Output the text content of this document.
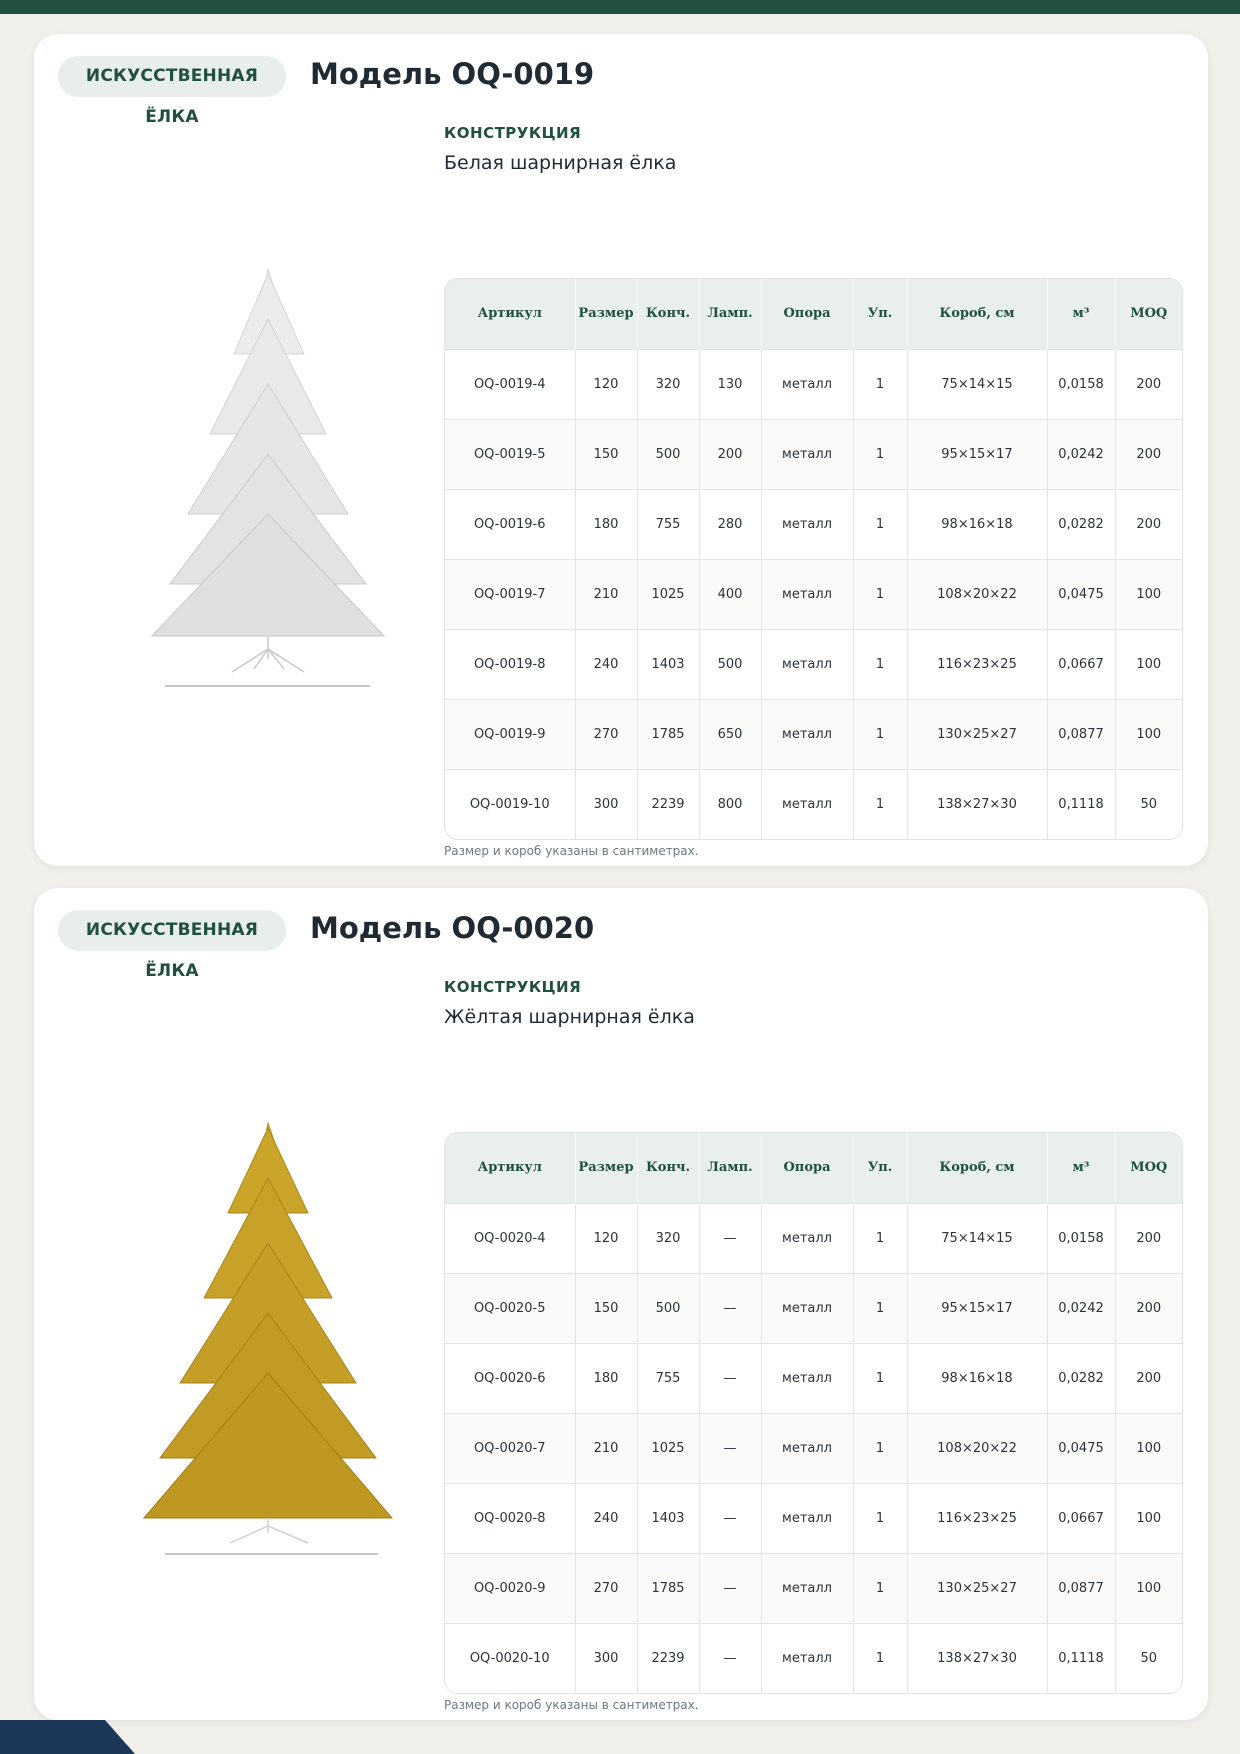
ИСКУССТВЕННАЯ ЁЛКА
Модель OQ-0019
КОНСТРУКЦИЯ
Белая шарнирная ёлка
Артикул	Размер	Конч.	Ламп.	Опора	Уп.	Короб, см	м³	MOQ
OQ-0019-4	120	320	130	металл	1	75×14×15	0,0158	200
OQ-0019-5	150	500	200	металл	1	95×15×17	0,0242	200
OQ-0019-6	180	755	280	металл	1	98×16×18	0,0282	200
OQ-0019-7	210	1025	400	металл	1	108×20×22	0,0475	100
OQ-0019-8	240	1403	500	металл	1	116×23×25	0,0667	100
OQ-0019-9	270	1785	650	металл	1	130×25×27	0,0877	100
OQ-0019-10	300	2239	800	металл	1	138×27×30	0,1118	50
Размер и короб указаны в сантиметрах.
ИСКУССТВЕННАЯ ЁЛКА
Модель OQ-0020
КОНСТРУКЦИЯ
Жёлтая шарнирная ёлка
Артикул	Размер	Конч.	Ламп.	Опора	Уп.	Короб, см	м³	MOQ
OQ-0020-4	120	320	—	металл	1	75×14×15	0,0158	200
OQ-0020-5	150	500	—	металл	1	95×15×17	0,0242	200
OQ-0020-6	180	755	—	металл	1	98×16×18	0,0282	200
OQ-0020-7	210	1025	—	металл	1	108×20×22	0,0475	100
OQ-0020-8	240	1403	—	металл	1	116×23×25	0,0667	100
OQ-0020-9	270	1785	—	металл	1	130×25×27	0,0877	100
OQ-0020-10	300	2239	—	металл	1	138×27×30	0,1118	50
Размер и короб указаны в сантиметрах.
